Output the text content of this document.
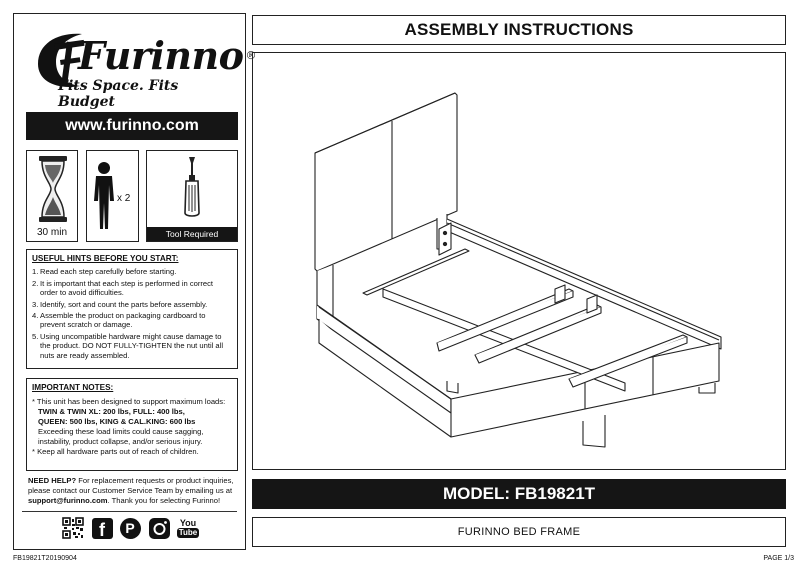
Furinno ®
Fits Space. Fits Budget
www.furinno.com
30 min
x 2
Tool Required
USEFUL HINTS BEFORE YOU START:
1. Read each step carefully before starting.
2. It is important that each step is performed in correct order to avoid difficulties.
3. Identify, sort and count the parts before assembly.
4. Assemble the product on packaging cardboard to prevent scratch or damage.
5. Using uncompatible hardware might cause damage to the product. DO NOT FULLY-TIGHTEN the nut until all nuts are ready assembled.
IMPORTANT NOTES:
* This unit has been designed to support maximum loads:
TWIN & TWIN XL: 200 lbs, FULL: 400 lbs,
QUEEN: 500 lbs, KING & CAL.KING: 600 lbs
Exceeding these load limits could cause sagging,
instability, product collapse, and/or serious injury.
* Keep all hardware parts out of reach of children.
NEED HELP? For replacement requests or product inquiries, please contact our Customer Service Team by emailing us at support@furinno.com. Thank you for selecting Furinno!
f	P	You
Tube
ASSEMBLY INSTRUCTIONS
MODEL: FB19821T
FURINNO BED FRAME
FB19821T20190904	PAGE 1/3
